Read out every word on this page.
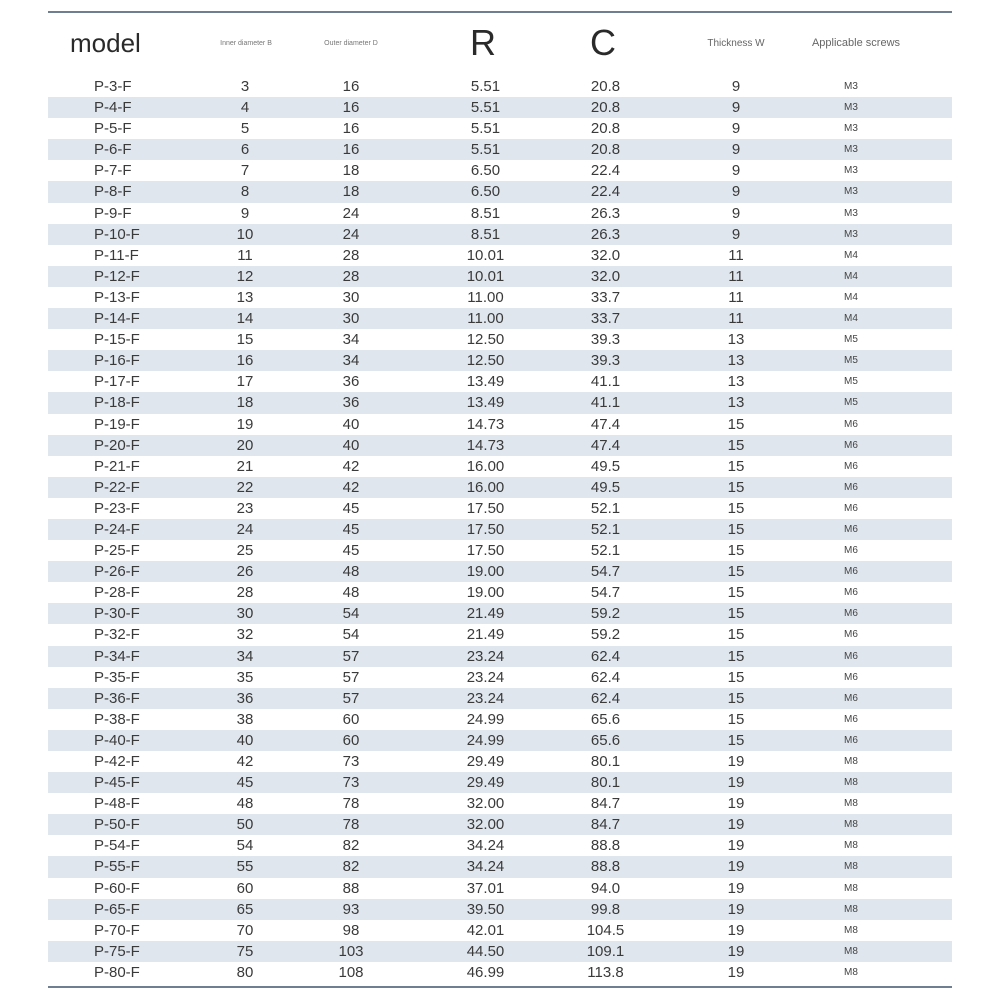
model	Inner diameter B	Outer diameter D	R	C	Thickness W	Applicable screws
P-3-F	3	16	5.51	20.8	9	M3
P-4-F	4	16	5.51	20.8	9	M3
P-5-F	5	16	5.51	20.8	9	M3
P-6-F	6	16	5.51	20.8	9	M3
P-7-F	7	18	6.50	22.4	9	M3
P-8-F	8	18	6.50	22.4	9	M3
P-9-F	9	24	8.51	26.3	9	M3
P-10-F	10	24	8.51	26.3	9	M3
P-11-F	11	28	10.01	32.0	11	M4
P-12-F	12	28	10.01	32.0	11	M4
P-13-F	13	30	11.00	33.7	11	M4
P-14-F	14	30	11.00	33.7	11	M4
P-15-F	15	34	12.50	39.3	13	M5
P-16-F	16	34	12.50	39.3	13	M5
P-17-F	17	36	13.49	41.1	13	M5
P-18-F	18	36	13.49	41.1	13	M5
P-19-F	19	40	14.73	47.4	15	M6
P-20-F	20	40	14.73	47.4	15	M6
P-21-F	21	42	16.00	49.5	15	M6
P-22-F	22	42	16.00	49.5	15	M6
P-23-F	23	45	17.50	52.1	15	M6
P-24-F	24	45	17.50	52.1	15	M6
P-25-F	25	45	17.50	52.1	15	M6
P-26-F	26	48	19.00	54.7	15	M6
P-28-F	28	48	19.00	54.7	15	M6
P-30-F	30	54	21.49	59.2	15	M6
P-32-F	32	54	21.49	59.2	15	M6
P-34-F	34	57	23.24	62.4	15	M6
P-35-F	35	57	23.24	62.4	15	M6
P-36-F	36	57	23.24	62.4	15	M6
P-38-F	38	60	24.99	65.6	15	M6
P-40-F	40	60	24.99	65.6	15	M6
P-42-F	42	73	29.49	80.1	19	M8
P-45-F	45	73	29.49	80.1	19	M8
P-48-F	48	78	32.00	84.7	19	M8
P-50-F	50	78	32.00	84.7	19	M8
P-54-F	54	82	34.24	88.8	19	M8
P-55-F	55	82	34.24	88.8	19	M8
P-60-F	60	88	37.01	94.0	19	M8
P-65-F	65	93	39.50	99.8	19	M8
P-70-F	70	98	42.01	104.5	19	M8
P-75-F	75	103	44.50	109.1	19	M8
P-80-F	80	108	46.99	113.8	19	M8
